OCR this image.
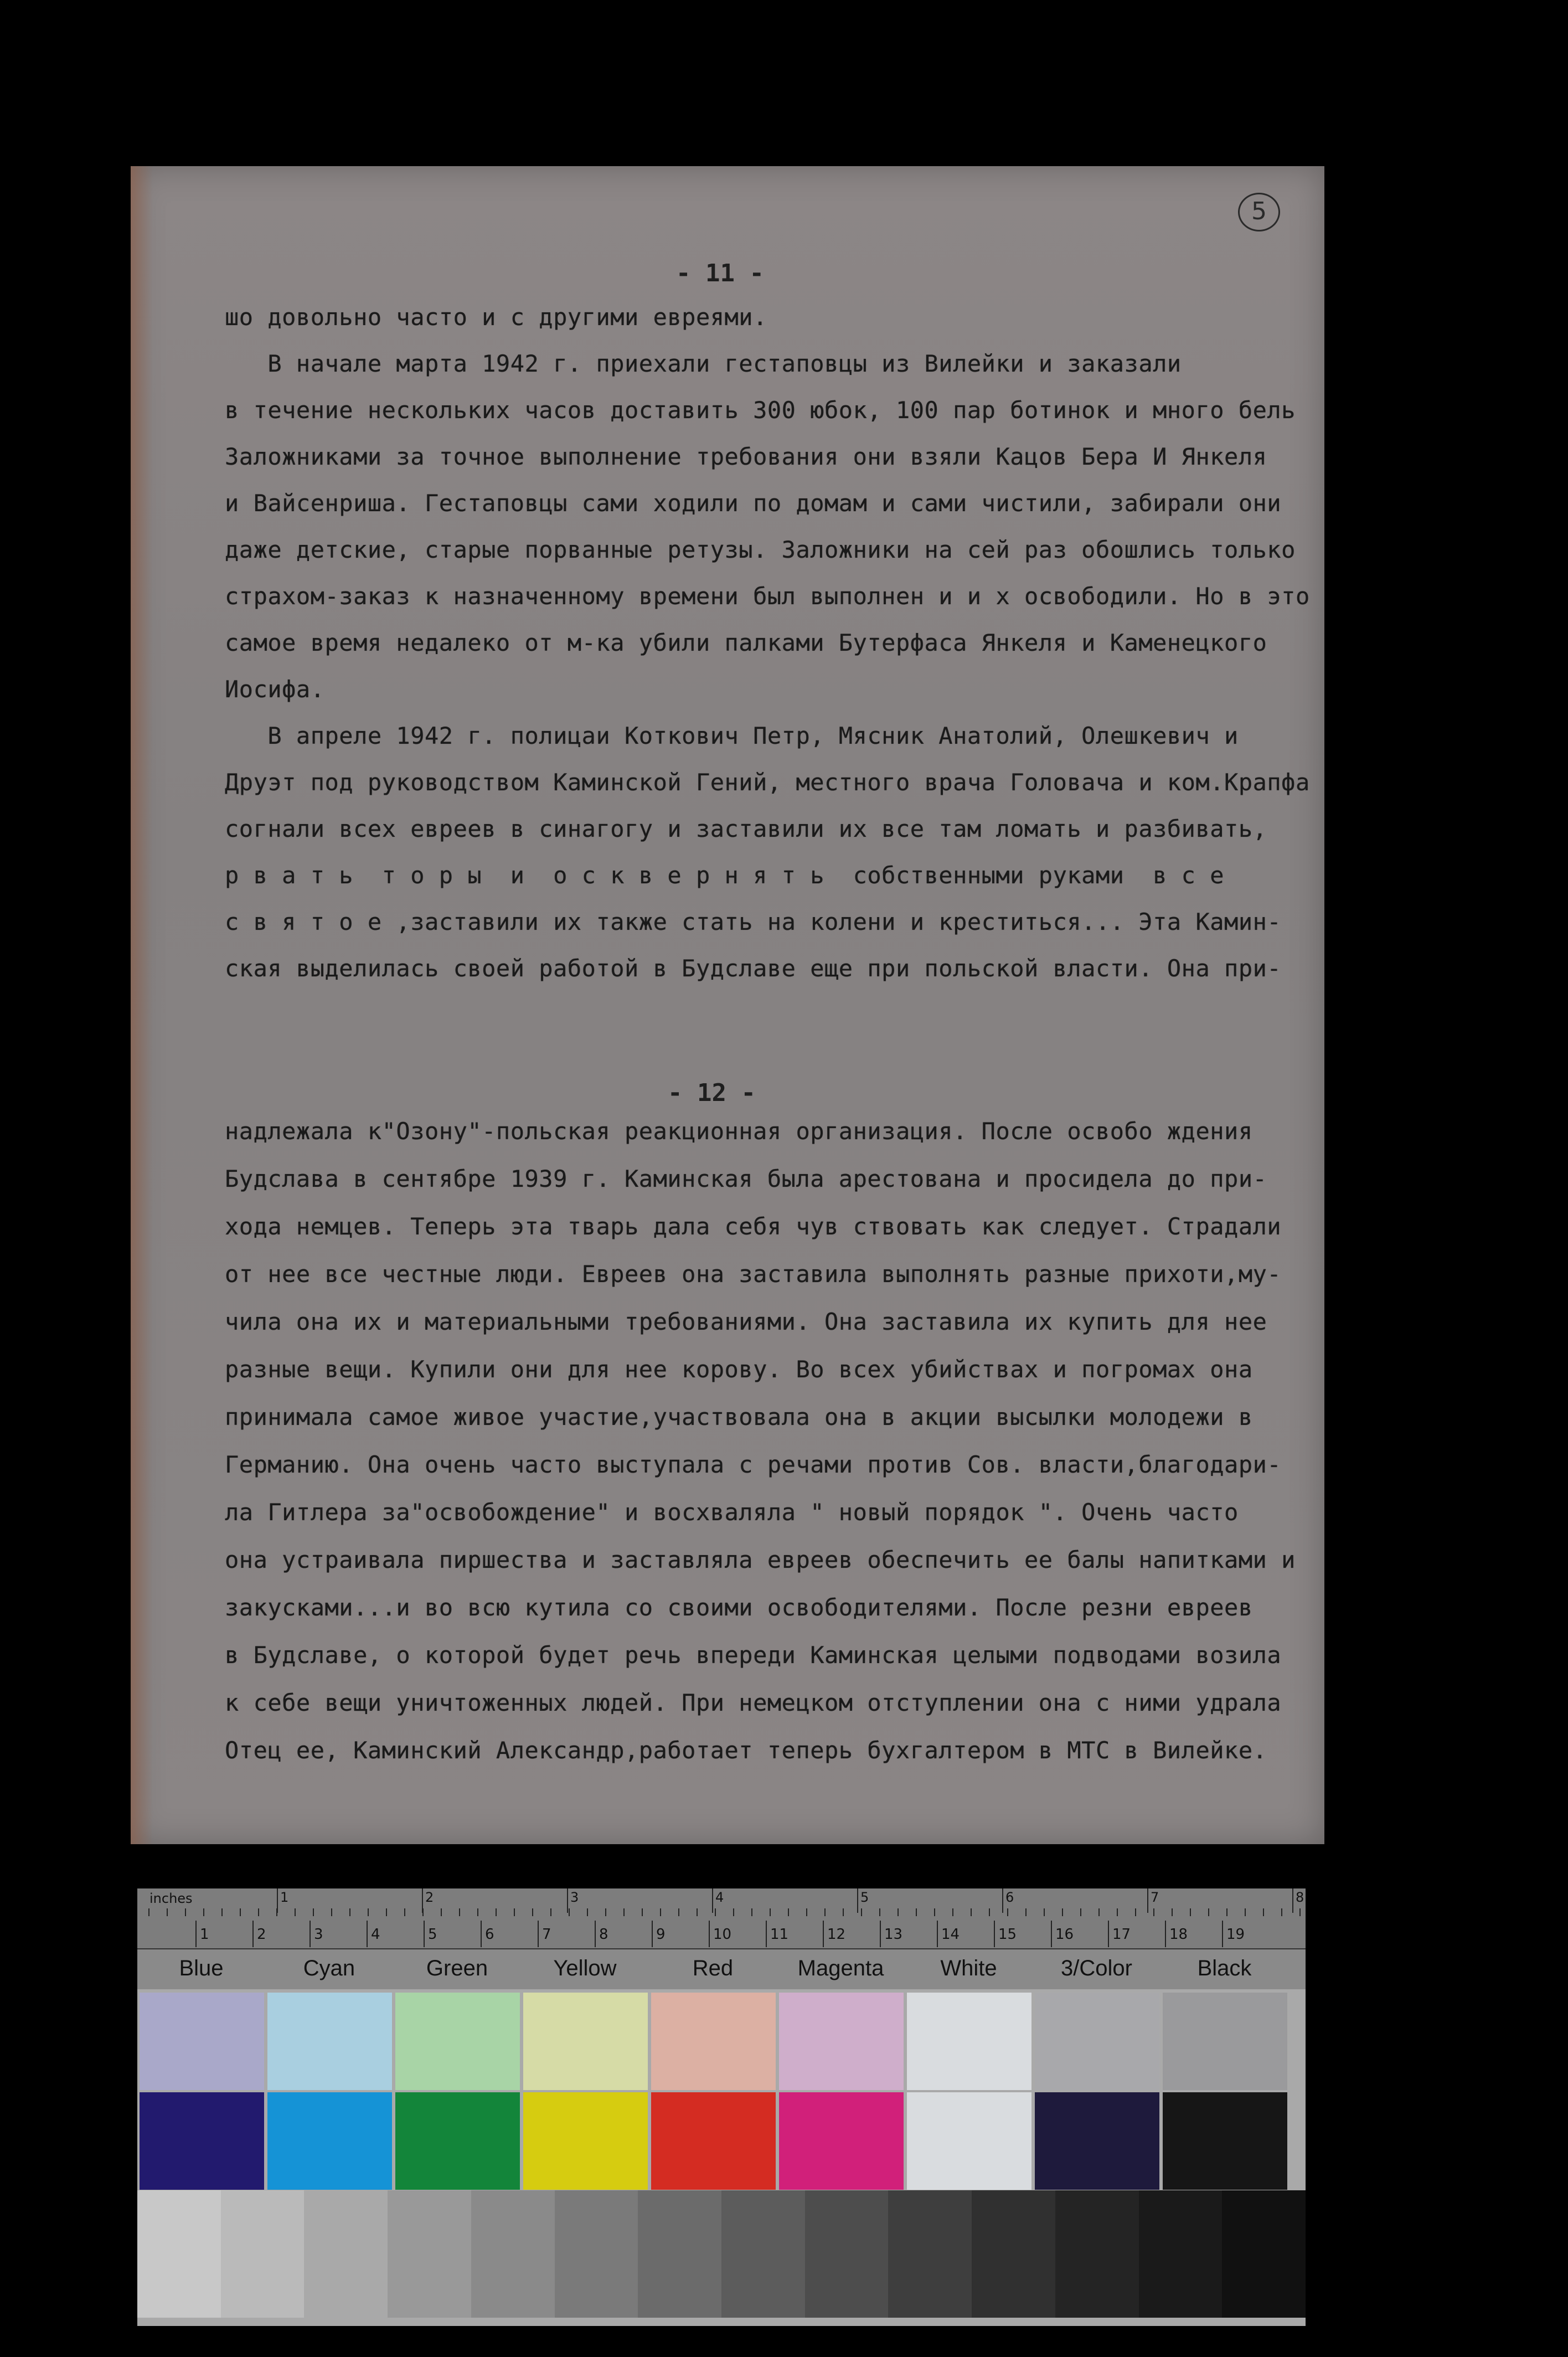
5
- 11 -
шо довольно часто и с другими евреями.
В начале марта 1942 г. приехали гестаповцы из Вилейки и заказали
в течение нескольких часов доставить 300 юбок, 100 пар ботинок и много бель
Заложниками за точное выполнение требования они взяли Кацов Бера И Янкеля
и Вайсенриша. Гестаповцы сами ходили по домам и сами чистили, забирали они
даже детские, старые порванные ретузы. Заложники на сей раз обошлись только
страхом-заказ к назначенному времени был выполнен и и х освободили. Но в это
самое время недалеко от м-ка убили палками Бутерфаса Янкеля и Каменецкого
Иосифа.
В апреле 1942 г. полицаи Коткович Петр, Мясник Анатолий, Олешкевич и
Друэт под руководством Каминской Гений, местного врача Головача и ком.Крапфа
согнали всех евреев в синагогу и заставили их все там ломать и разбивать,
р в а т ь  т о р ы  и  о с к в е р н я т ь  собственными руками  в с е
с в я т о е ,заставили их также стать на колени и креститься... Эта Камин-
ская выделилась своей работой в Будславе еще при польской власти. Она при-
- 12 -
надлежала к"Озону"-польская реакционная организация. После освобо ждения
Будслава в сентябре 1939 г. Каминская была арестована и просидела до при-
хода немцев. Теперь эта тварь дала себя чув ствовать как следует. Страдали
от нее все честные люди. Евреев она заставила выполнять разные прихоти,му-
чила она их и материальными требованиями. Она заставила их купить для нее
разные вещи. Купили они для нее корову. Во всех убийствах и погромах она
принимала самое живое участие,участвовала она в акции высылки молодежи в
Германию. Она очень часто выступала с речами против Сов. власти,благодари-
ла Гитлера за"освобождение" и восхваляла " новый порядок ". Очень часто
она устраивала пиршества и заставляла евреев обеспечить ее балы напитками и
закусками...и во всю кутила со своими освободителями. После резни евреев
в Будславе, о которой будет речь впереди Каминская целыми подводами возила
к себе вещи уничтоженных людей. При немецком отступлении она с ними удрала
Отец ее, Каминский Александр,работает теперь бухгалтером в МТС в Вилейке.
inches	1	2	3	4	5	6	7	8
1	2	3	4	5	6	7	8	9	10	11	12	13	14	15	16	17	18	19
Blue	Cyan	Green	Yellow	Red	Magenta	White	3/Color	Black
